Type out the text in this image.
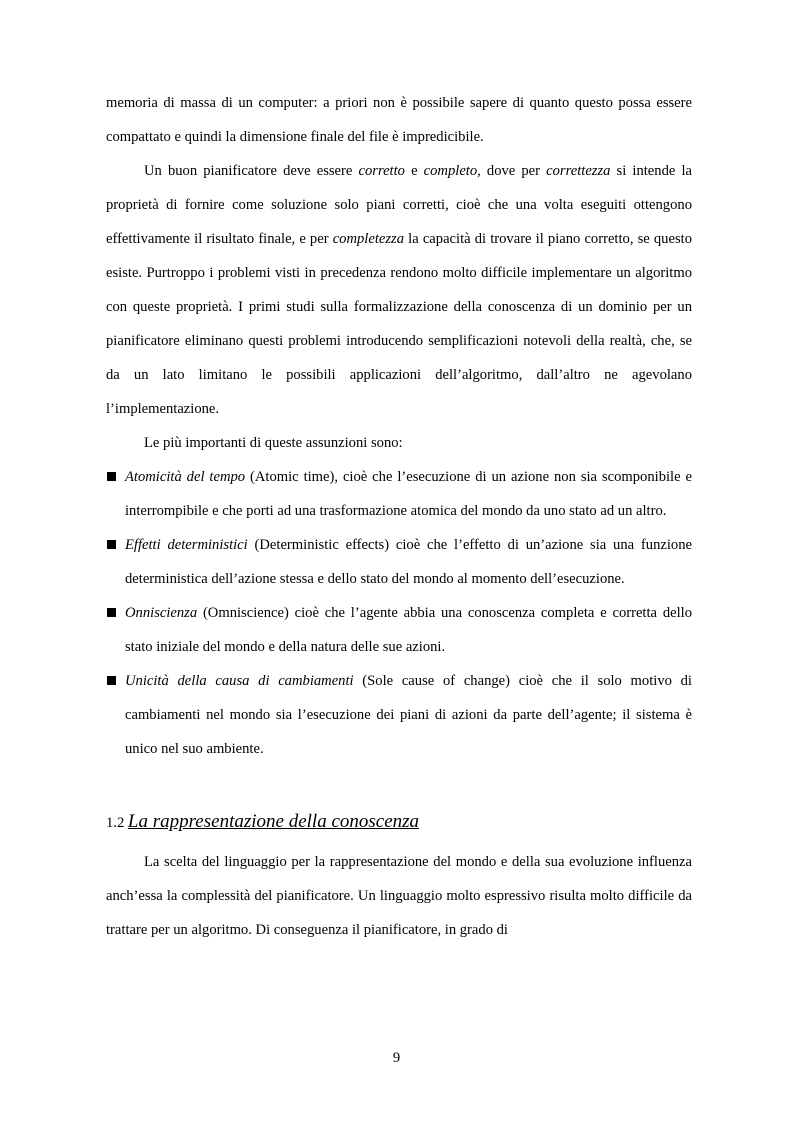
memoria di massa di un computer: a priori non è possibile sapere di quanto questo possa essere compattato e quindi la dimensione finale del file è impredicibile.

Un buon pianificatore deve essere corretto e completo, dove per correttezza si intende la proprietà di fornire come soluzione solo piani corretti, cioè che una volta eseguiti ottengono effettivamente il risultato finale, e per completezza la capacità di trovare il piano corretto, se questo esiste. Purtroppo i problemi visti in precedenza rendono molto difficile implementare un algoritmo con queste proprietà. I primi studi sulla formalizzazione della conoscenza di un dominio per un pianificatore eliminano questi problemi introducendo semplificazioni notevoli della realtà, che, se da un lato limitano le possibili applicazioni dell’algoritmo, dall’altro ne agevolano l’implementazione.

Le più importanti di queste assunzioni sono:

Atomicità del tempo (Atomic time), cioè che l’esecuzione di un azione non sia scomponibile e interrompibile e che porti ad una trasformazione atomica del mondo da uno stato ad un altro.
Effetti deterministici (Deterministic effects) cioè che l’effetto di un’azione sia una funzione deterministica dell’azione stessa e dello stato del mondo al momento dell’esecuzione.
Onniscienza (Omniscience) cioè che l’agente abbia una conoscenza completa e corretta dello stato iniziale del mondo e della natura delle sue azioni.
Unicità della causa di cambiamenti (Sole cause of change) cioè che il solo motivo di cambiamenti nel mondo sia l’esecuzione dei piani di azioni da parte dell’agente; il sistema è unico nel suo ambiente.
1.2 La rappresentazione della conoscenza

La scelta del linguaggio per la rappresentazione del mondo e della sua evoluzione influenza anch’essa la complessità del pianificatore. Un linguaggio molto espressivo risulta molto difficile da trattare per un algoritmo. Di conseguenza il pianificatore, in grado di

9
